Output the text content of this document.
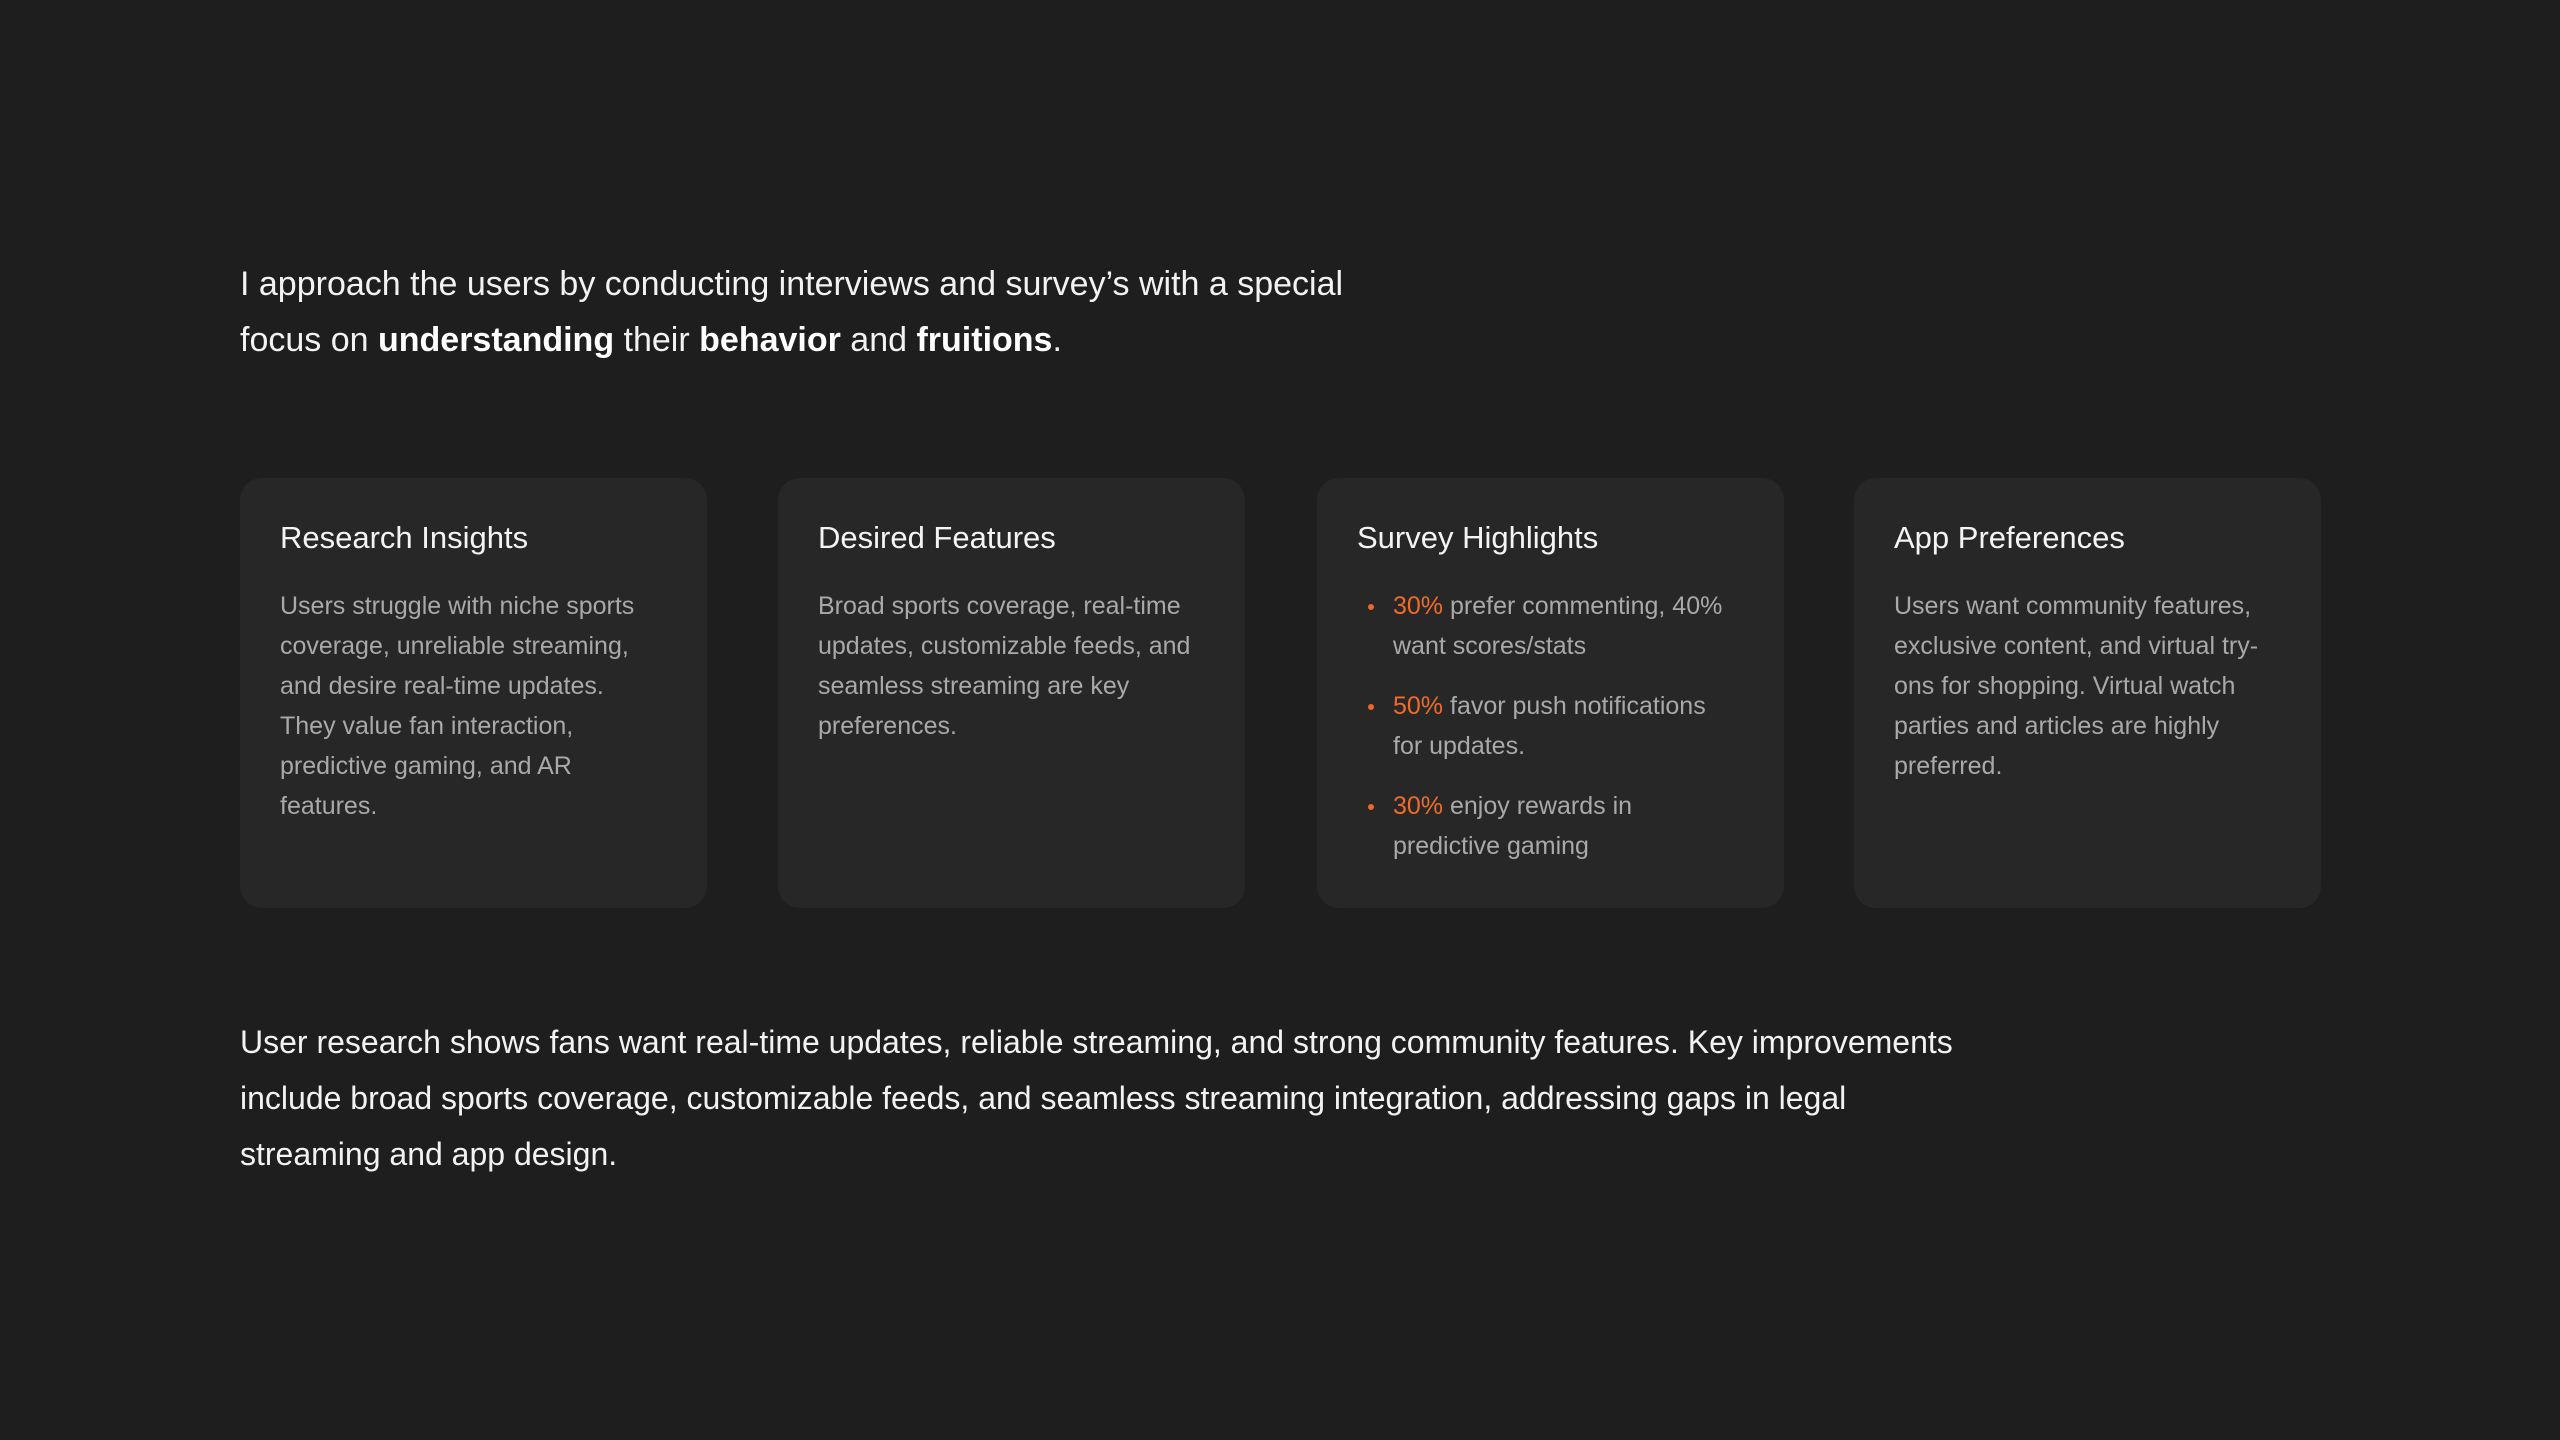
I approach the users by conducting interviews and survey’s with a special focus on understanding their behavior and fruitions.

Research Insights

Users struggle with niche sports coverage, unreliable streaming, and desire real-time updates. They value fan interaction, predictive gaming, and AR features.

Desired Features

Broad sports coverage, real-time updates, customizable feeds, and seamless streaming are key preferences.

Survey Highlights
30% prefer commenting, 40% want scores/stats
50% favor push notifications for updates.
30% enjoy rewards in predictive gaming
App Preferences

Users want community features, exclusive content, and virtual try-ons for shopping. Virtual watch parties and articles are highly preferred.

User research shows fans want real-time updates, reliable streaming, and strong community features. Key improvements include broad sports coverage, customizable feeds, and seamless streaming integration, addressing gaps in legal streaming and app design.
